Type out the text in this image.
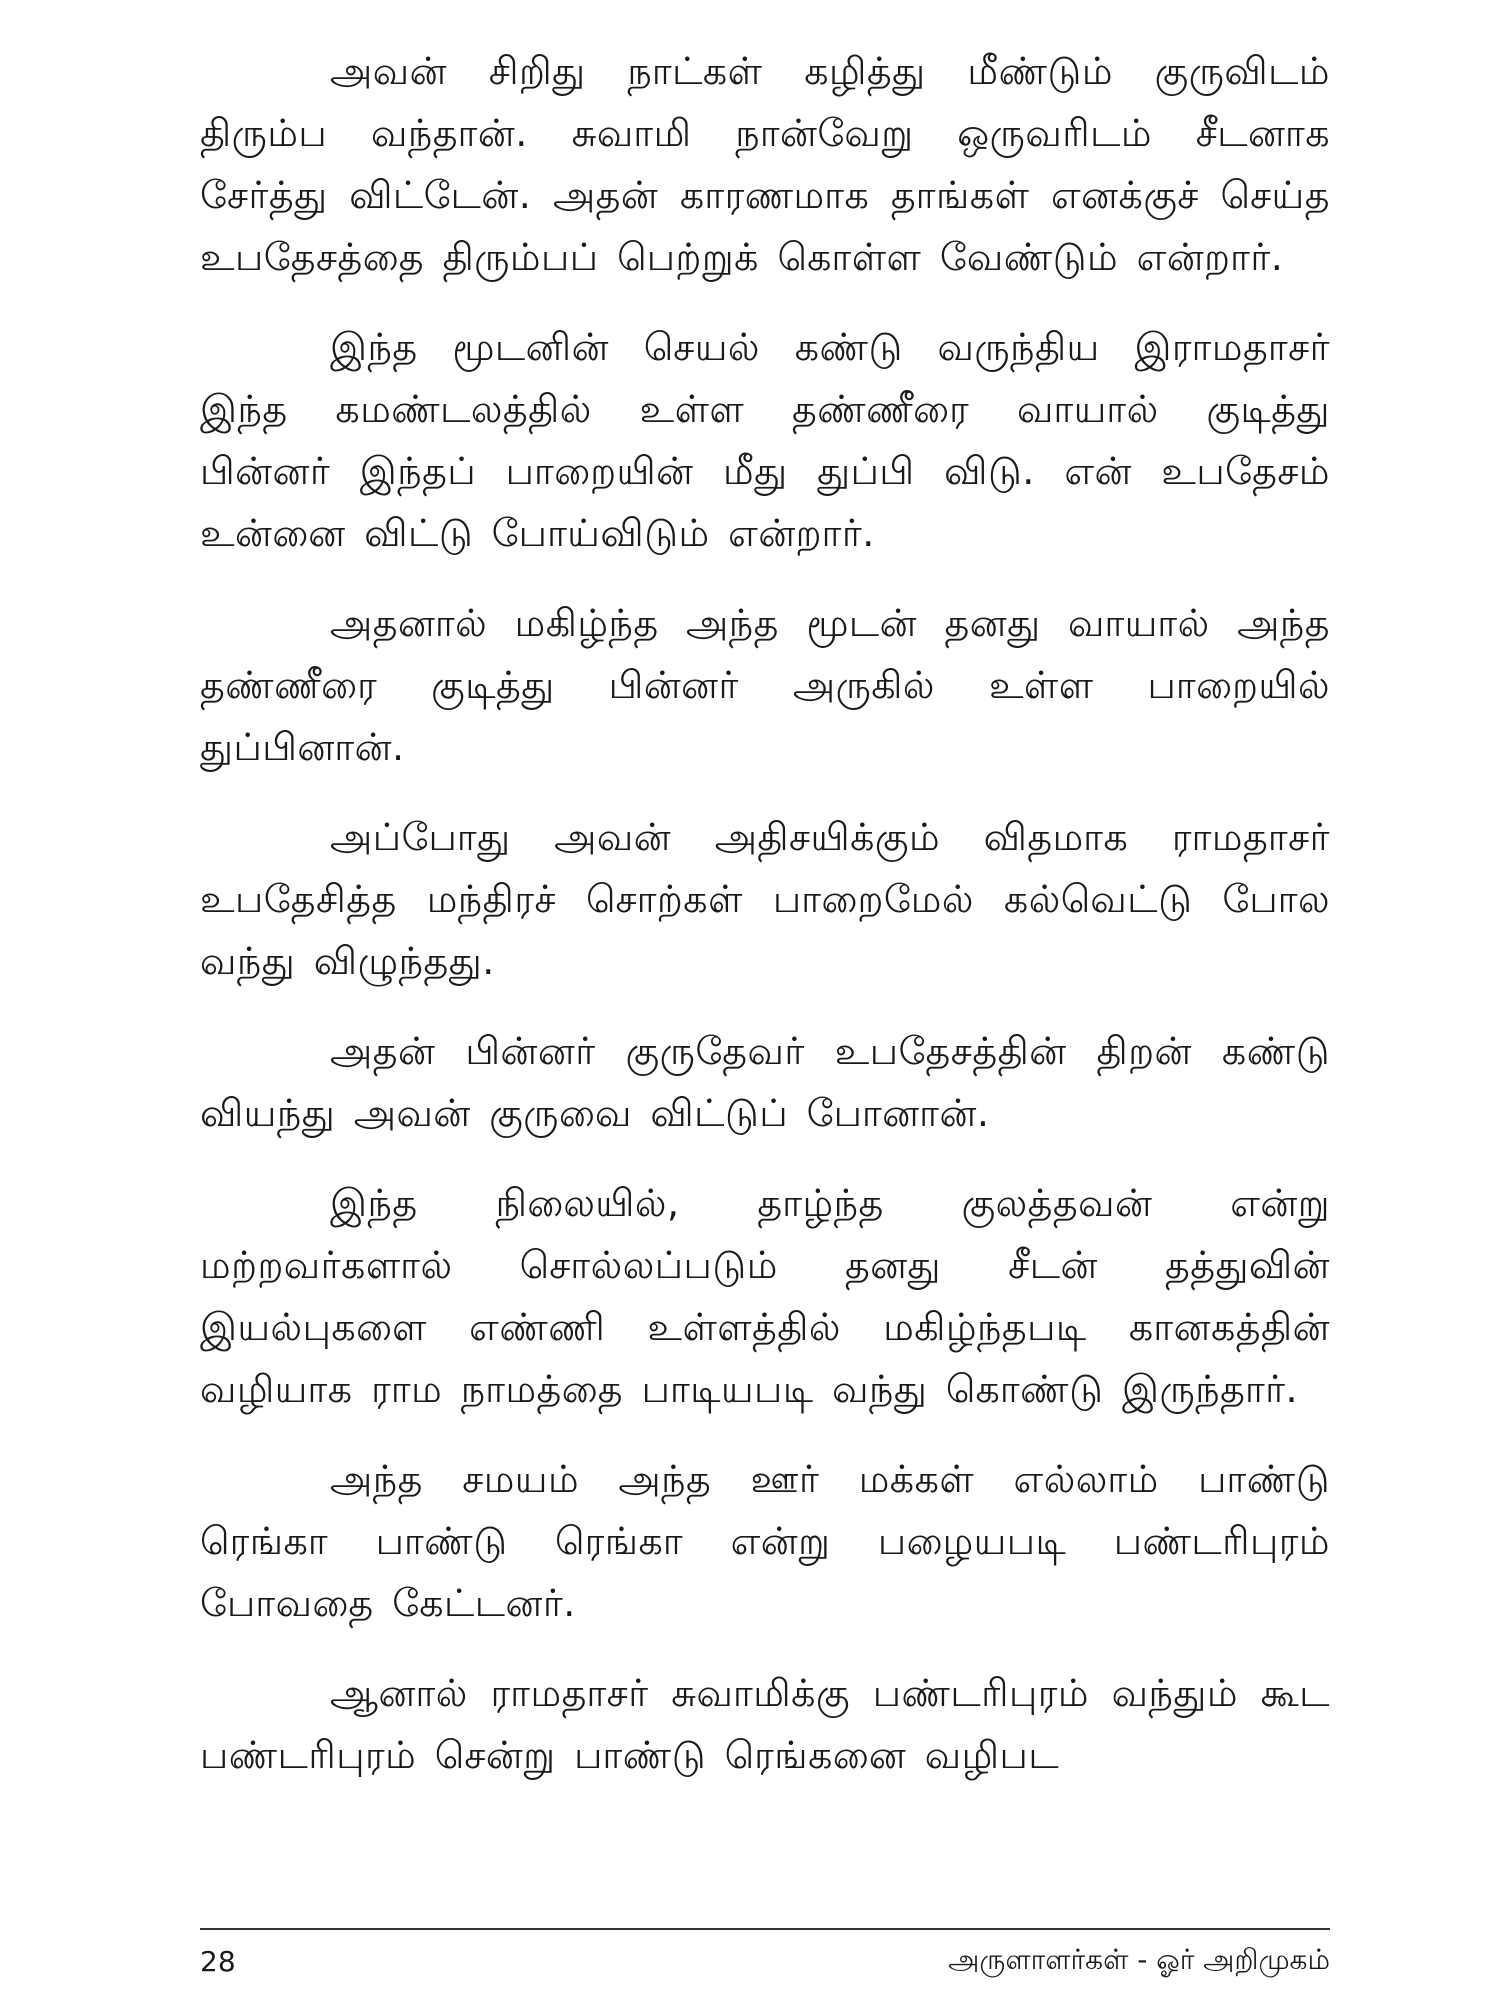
அவன் சிறிது நாட்கள் கழித்து மீண்டும் குருவிடம் திரும்ப வந்தான். சுவாமி நான்வேறு ஒருவரிடம் சீடனாக சேர்த்து விட்டேன். அதன் காரணமாக தாங்கள் எனக்குச் செய்த உபதேசத்தை திரும்பப் பெற்றுக் கொள்ள வேண்டும் என்றார்.

இந்த மூடனின் செயல் கண்டு வருந்திய இராமதாசர் இந்த கமண்டலத்தில் உள்ள தண்ணீரை வாயால் குடித்து பின்னர் இந்தப் பாறையின் மீது துப்பி விடு. என் உபதேசம் உன்னை விட்டு போய்விடும் என்றார்.

அதனால் மகிழ்ந்த அந்த மூடன் தனது வாயால் அந்த தண்ணீரை குடித்து பின்னர் அருகில் உள்ள பாறையில் துப்பினான்.

அப்போது அவன் அதிசயிக்கும் விதமாக ராமதாசர் உபதேசித்த மந்திரச் சொற்கள் பாறைமேல் கல்வெட்டு போல வந்து விழுந்தது.

அதன் பின்னர் குருதேவர் உபதேசத்தின் திறன் கண்டு வியந்து அவன் குருவை விட்டுப் போனான்.

இந்த நிலையில், தாழ்ந்த குலத்தவன் என்று மற்றவர்களால் சொல்லப்படும் தனது சீடன் தத்துவின் இயல்புகளை எண்ணி உள்ளத்தில் மகிழ்ந்தபடி கானகத்தின் வழியாக ராம நாமத்தை பாடியபடி வந்து கொண்டு இருந்தார்.

அந்த சமயம் அந்த ஊர் மக்கள் எல்லாம் பாண்டு ரெங்கா பாண்டு ரெங்கா என்று பழையபடி பண்டரிபுரம் போவதை கேட்டனர்.

ஆனால் ராமதாசர் சுவாமிக்கு பண்டரிபுரம் வந்தும் கூட பண்டரிபுரம் சென்று பாண்டு ரெங்கனை வழிபட

28	அருளாளர்கள் - ஓர் அறிமுகம்
